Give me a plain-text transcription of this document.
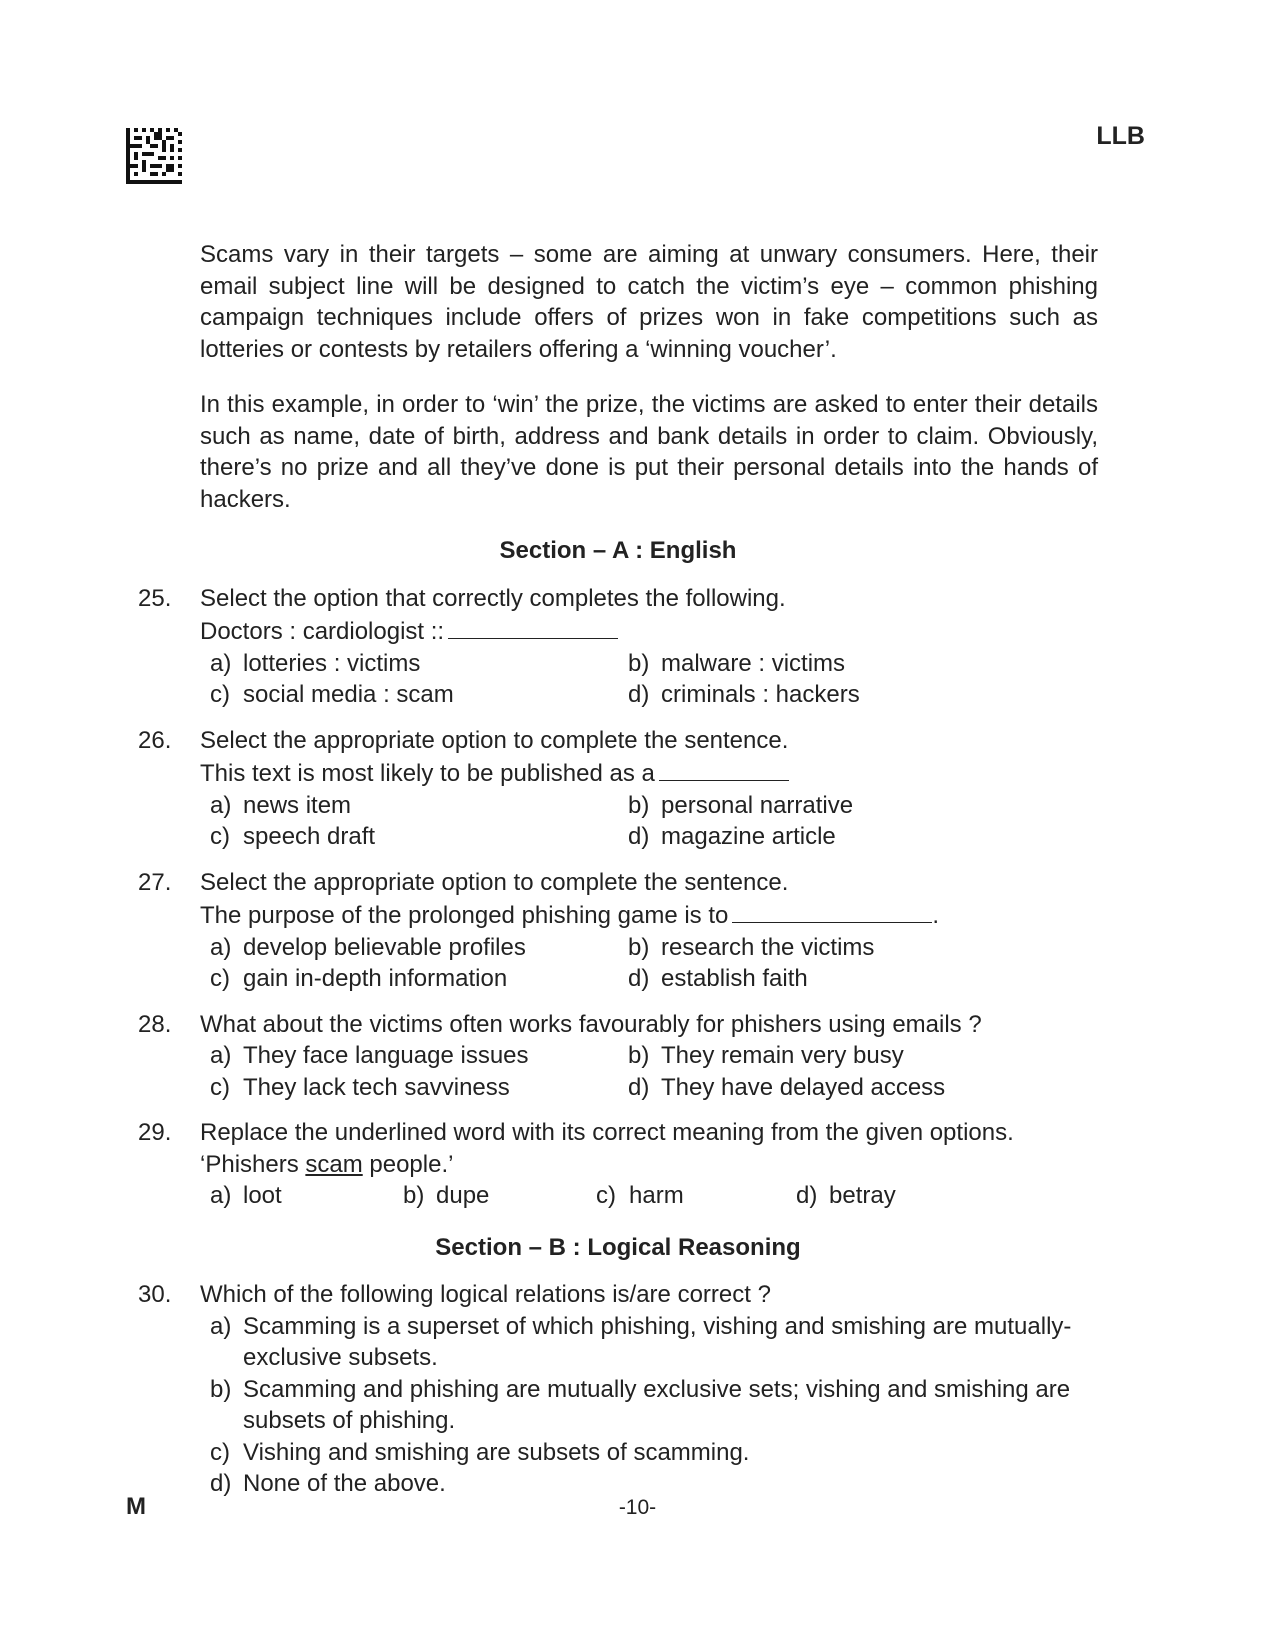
LLB

Scams vary in their targets – some are aiming at unwary consumers. Here, their email subject line will be designed to catch the victim’s eye – common phishing campaign techniques include offers of prizes won in fake competitions such as lotteries or contests by retailers offering a ‘winning voucher’.

In this example, in order to ‘win’ the prize, the victims are asked to enter their details such as name, date of birth, address and bank details in order to claim. Obviously, there’s no prize and all they’ve done is put their personal details into the hands of hackers.

Section – A : English
25. Select the option that correctly completes the following.
Doctors : cardiologist ::
a) lotteries : victims	b) malware : victims
c) social media : scam	d) criminals : hackers
26. Select the appropriate option to complete the sentence.
This text is most likely to be published as a
a) news item	b) personal narrative
c) speech draft	d) magazine article
27. Select the appropriate option to complete the sentence.
The purpose of the prolonged phishing game is to	.
a) develop believable profiles	b) research the victims
c) gain in-depth information	d) establish faith
28. What about the victims often works favourably for phishers using emails ?
a) They face language issues	b) They remain very busy
c) They lack tech savviness	d) They have delayed access
29. Replace the underlined word with its correct meaning from the given options.
‘Phishers scam people.’
a) loot	b) dupe	c) harm	d) betray
Section – B : Logical Reasoning
30. Which of the following logical relations is/are correct ?
a) Scamming is a superset of which phishing, vishing and smishing are mutually-exclusive subsets.
b) Scamming and phishing are mutually exclusive sets; vishing and smishing are subsets of phishing.
c) Vishing and smishing are subsets of scamming.
d) None of the above.
M	-10-
